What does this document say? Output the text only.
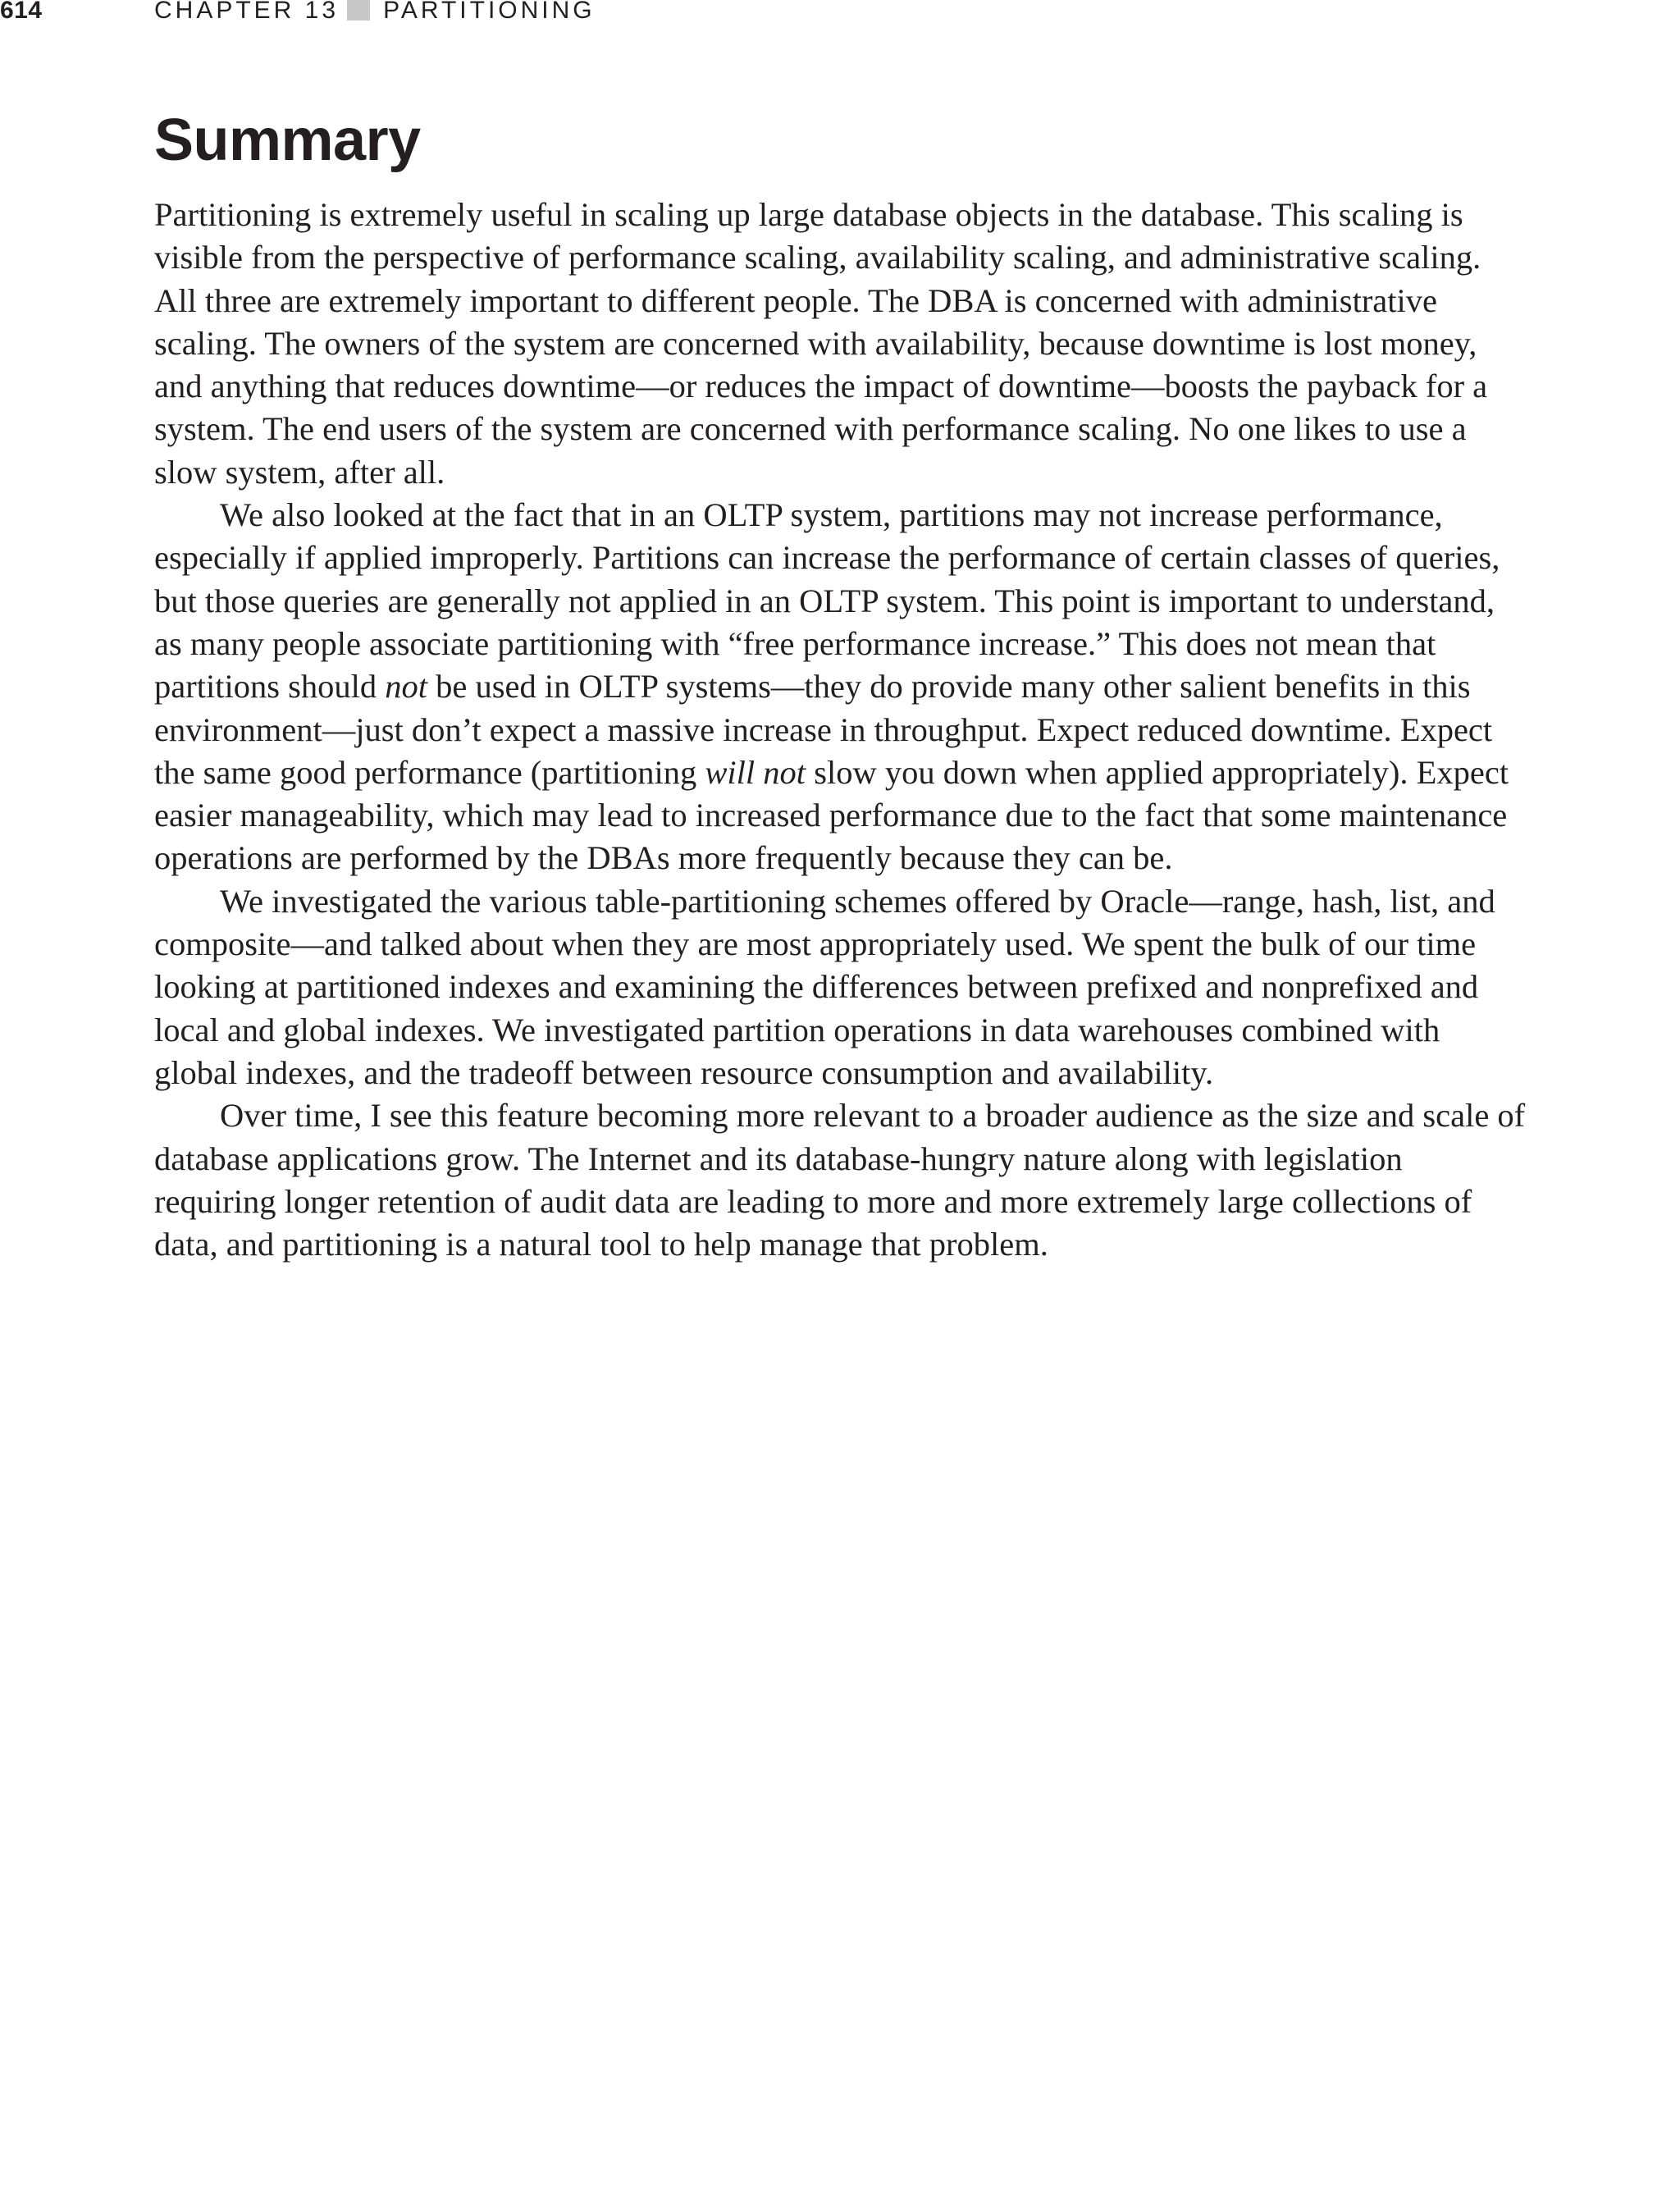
614	CHAPTER 13 PARTITIONING
Summary

Partitioning is extremely useful in scaling up large database objects in the database. This scaling is visible from the perspective of performance scaling, availability scaling, and administrative scaling. All three are extremely important to different people. The DBA is concerned with administrative scaling. The owners of the system are concerned with availability, because downtime is lost money, and anything that reduces downtime—or reduces the impact of downtime—boosts the payback for a system. The end users of the system are concerned with performance scaling. No one likes to use a slow system, after all.

We also looked at the fact that in an OLTP system, partitions may not increase performance, especially if applied improperly. Partitions can increase the performance of certain classes of queries, but those queries are generally not applied in an OLTP system. This point is important to understand, as many people associate partitioning with “free performance increase.” This does not mean that partitions should not be used in OLTP systems—they do provide many other salient benefits in this environment—just don’t expect a massive increase in throughput. Expect reduced downtime. Expect the same good performance (partitioning will not slow you down when applied appropriately). Expect easier manageability, which may lead to increased performance due to the fact that some maintenance operations are performed by the DBAs more frequently because they can be.

We investigated the various table-partitioning schemes offered by Oracle—range, hash, list, and composite—and talked about when they are most appropriately used. We spent the bulk of our time looking at partitioned indexes and examining the differences between prefixed and nonprefixed and local and global indexes. We investigated partition operations in data warehouses combined with global indexes, and the tradeoff between resource consumption and availability.

Over time, I see this feature becoming more relevant to a broader audience as the size and scale of database applications grow. The Internet and its database-hungry nature along with legislation requiring longer retention of audit data are leading to more and more extremely large collections of data, and partitioning is a natural tool to help manage that problem.
